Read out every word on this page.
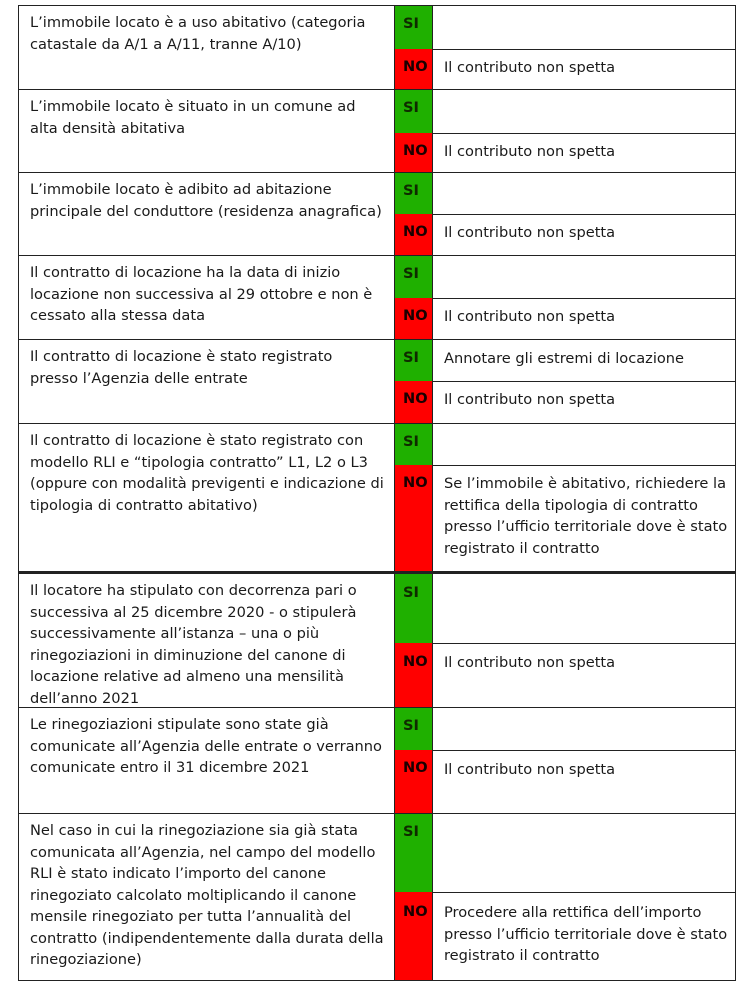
L’immobile locato è a uso abitativo (categoria catastale da A/1 a A/11, tranne A/10)
SI
NO	Il contributo non spetta
L’immobile locato è situato in un comune ad alta densità abitativa
SI
NO	Il contributo non spetta
L’immobile locato è adibito ad abitazione principale del conduttore (residenza anagrafica)
SI
NO	Il contributo non spetta
Il contratto di locazione ha la data di inizio locazione non successiva al 29 ottobre e non è cessato alla stessa data
SI
NO	Il contributo non spetta
Il contratto di locazione è stato registrato presso l’Agenzia delle entrate
SI	Annotare gli estremi di locazione
NO	Il contributo non spetta
Il contratto di locazione è stato registrato con modello RLI e “tipologia contratto” L1, L2 o L3 (oppure con modalità previgenti e indicazione di tipologia di contratto abitativo)
SI
NO	Se l’immobile è abitativo, richiedere la rettifica della tipologia di contratto presso l’ufficio territoriale dove è stato registrato il contratto
Il locatore ha stipulato con decorrenza pari o successiva al 25 dicembre 2020 - o stipulerà successivamente all’istanza – una o più rinegoziazioni in diminuzione del canone di locazione relative ad almeno una mensilità dell’anno 2021
SI
NO	Il contributo non spetta
Le rinegoziazioni stipulate sono state già comunicate all’Agenzia delle entrate o verranno comunicate entro il 31 dicembre 2021
SI
NO	Il contributo non spetta
Nel caso in cui la rinegoziazione sia già stata comunicata all’Agenzia, nel campo del modello RLI è stato indicato l’importo del canone rinegoziato calcolato moltiplicando il canone mensile rinegoziato per tutta l’annualità del contratto (indipendentemente dalla durata della rinegoziazione)
SI
NO	Procedere alla rettifica dell’importo presso l’ufficio territoriale dove è stato registrato il contratto
